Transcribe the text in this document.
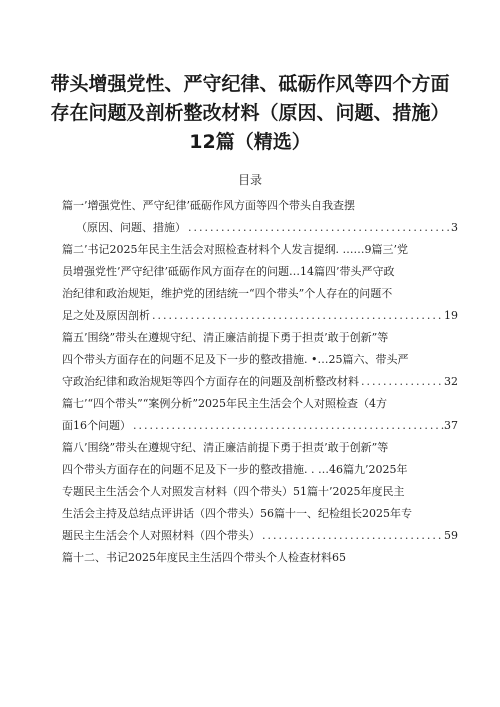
带头增强党性、严守纪律、砥砺作风等四个方面
存在问题及剖析整改材料（原因、问题、措施）
12篇（精选）
目录
篇一’增强党性、严守纪律’砥砺作风方面等四个带头自我查摆
（原因、问题、措施） .....	3
篇二’书记2025年民主生活会对照检查材料个人发言提纲. ……9篇三’党
员增强党性’严守纪律’砥砺作风方面存在的问题…14篇四’带头严守政
治纪律和政治规矩，维护党的团结统一“四个带头”个人存在的问题不
足之处及原因剖析 .....	19
篇五’围绕”带头在遵规守纪、清正廉洁前提下勇于担责’敢于创新”等
四个带头方面存在的问题不足及下一步的整改措施. •…25篇六、带头严
守政治纪律和政治规矩等四个方面存在的问题及剖析整改材料 .....	32
篇七’“四个带头”“案例分析”2025年民主生活会个人对照检查（4方
面16个问题） .....	37
篇八’围绕”带头在遵规守纪、清正廉洁前提下勇于担责’敢于创新”等
四个带头方面存在的问题不足及下一步的整改措施. . …46篇九’2025年
专题民主生活会个人对照发言材料（四个带头）51篇十’2025年度民主
生活会主持及总结点评讲话（四个带头）56篇十一、纪检组长2025年专
题民主生活会个人对照材料（四个带头） .....	59
篇十二、书记2025年度民主生活四个带头个人检查材料65
